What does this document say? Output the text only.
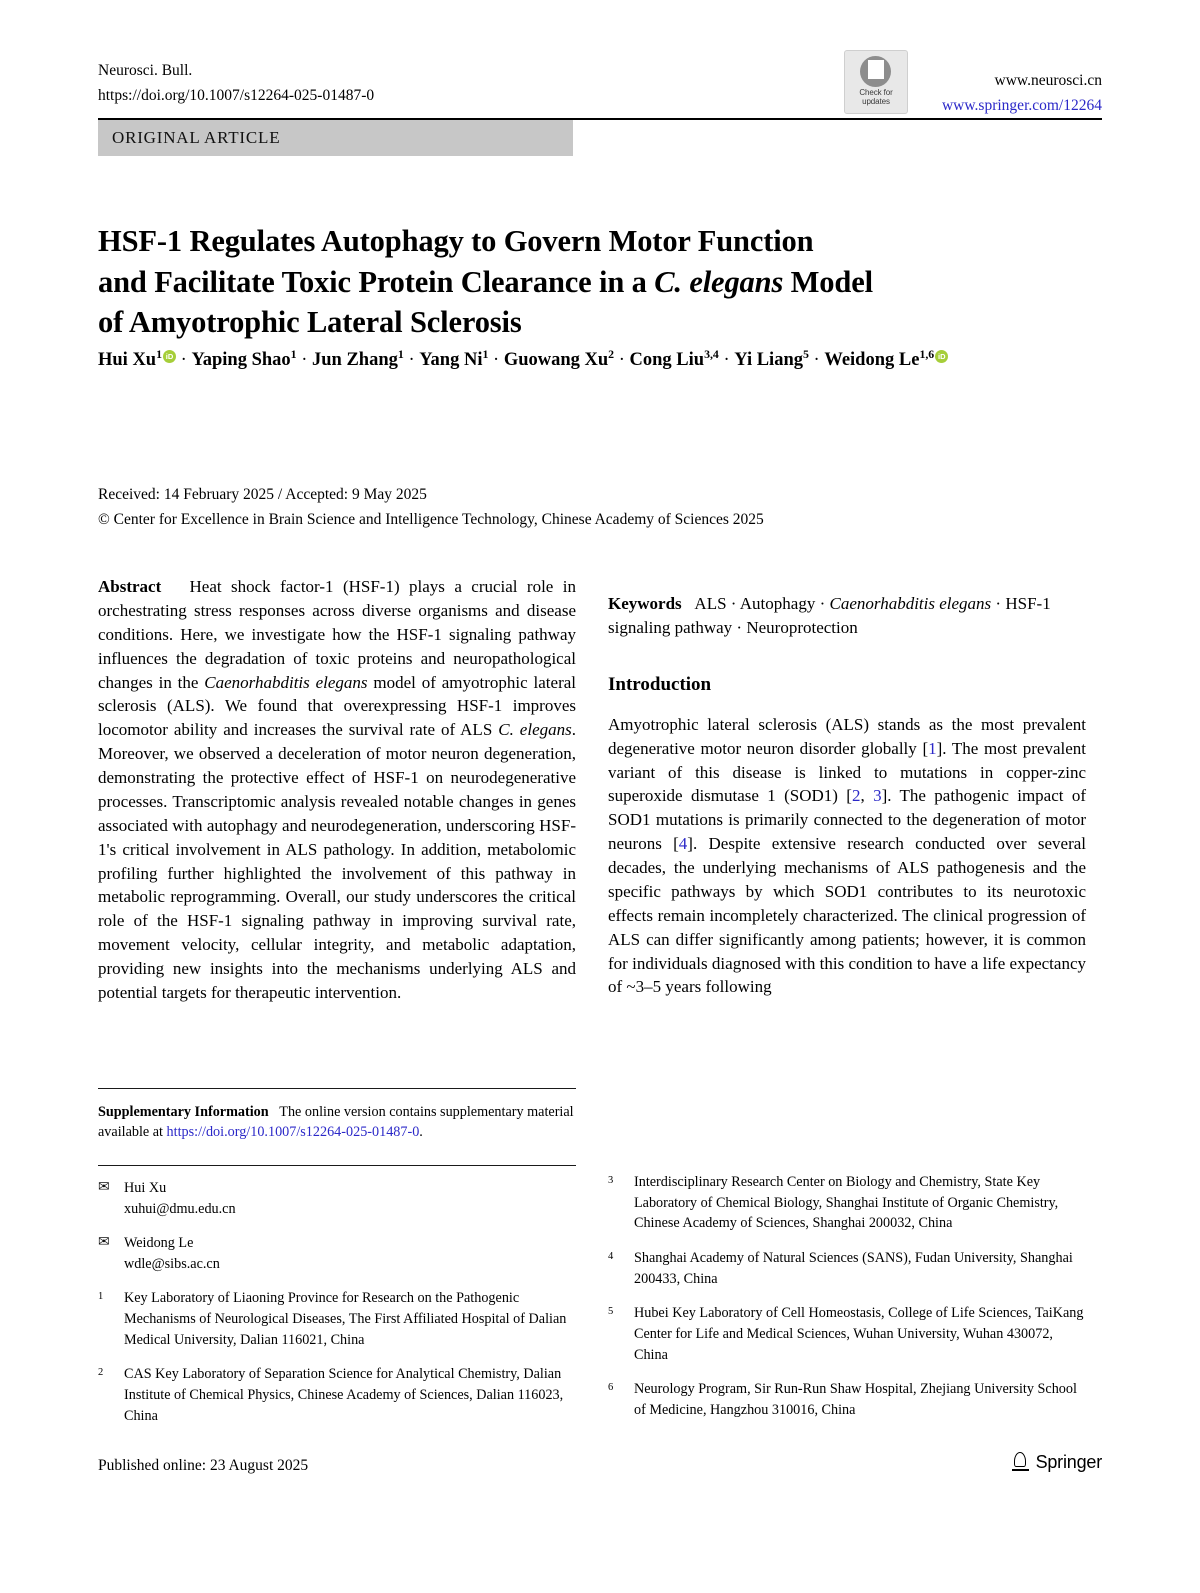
Neurosci. Bull.
https://doi.org/10.1007/s12264-025-01487-0	Check for
updates
www.neurosci.cn
www.springer.com/12264
ORIGINAL ARTICLE
HSF-1 Regulates Autophagy to Govern Motor Function
and Facilitate Toxic Protein Clearance in a C. elegans Model
of Amyotrophic Lateral Sclerosis
Hui $Xu^1iD$ · Yaping Shao$^1$ · Jun Zhang$^1$ · Yang $Ni^1$ · Guowang $Xu^2$ · Cong Liu$^{3,4}$ · Yi Liang$^5$ · Weidong Le$^{1,6}$iD
Received: 14 February 2025 / Accepted: 9 May 2025
© Center for Excellence in Brain Science and Intelligence Technology, Chinese Academy of Sciences 2025

Abstract Heat shock factor-1 (HSF-1) plays a crucial role in orchestrating stress responses across diverse organisms and disease conditions. Here, we investigate how the HSF-1 signaling pathway influences the degradation of toxic proteins and neuropathological changes in the Caenorhabditis elegans model of amyotrophic lateral sclerosis (ALS). We found that overexpressing HSF-1 improves locomotor ability and increases the survival rate of ALS C. elegans. Moreover, we observed a deceleration of motor neuron degeneration, demonstrating the protective effect of HSF-1 on neurodegenerative processes. Transcriptomic analysis revealed notable changes in genes associated with autophagy and neurodegeneration, underscoring HSF-1's critical involvement in ALS pathology. In addition, metabolomic profiling further highlighted the involvement of this pathway in metabolic reprogramming. Overall, our study underscores the critical role of the HSF-1 signaling pathway in improving survival rate, movement velocity, cellular integrity, and metabolic adaptation, providing new insights into the mechanisms underlying ALS and potential targets for therapeutic intervention.

Keywords ALS · Autophagy · Caenorhabditis elegans · HSF-1 signaling pathway · Neuroprotection

Introduction

Amyotrophic lateral sclerosis (ALS) stands as the most prevalent degenerative motor neuron disorder globally [1]. The most prevalent variant of this disease is linked to mutations in copper-zinc superoxide dismutase 1 (SOD1) [2, 3]. The pathogenic impact of SOD1 mutations is primarily connected to the degeneration of motor neurons [4]. Despite extensive research conducted over several decades, the underlying mechanisms of ALS pathogenesis and the specific pathways by which SOD1 contributes to its neurotoxic effects remain incompletely characterized. The clinical progression of ALS can differ significantly among patients; however, it is common for individuals diagnosed with this condition to have a life expectancy of ~3–5 years following

Supplementary Information The online version contains supplementary material available at https://doi.org/10.1007/s12264-025-01487-0.
✉	Hui Xu
xuhui@dmu.edu.cn
✉	Weidong Le
wdle@sibs.ac.cn
1	Key Laboratory of Liaoning Province for Research on the Pathogenic Mechanisms of Neurological Diseases, The First Affiliated Hospital of Dalian Medical University, Dalian 116021, China
2	CAS Key Laboratory of Separation Science for Analytical Chemistry, Dalian Institute of Chemical Physics, Chinese Academy of Sciences, Dalian 116023, China
3	Interdisciplinary Research Center on Biology and Chemistry, State Key Laboratory of Chemical Biology, Shanghai Institute of Organic Chemistry, Chinese Academy of Sciences, Shanghai 200032, China
4	Shanghai Academy of Natural Sciences (SANS), Fudan University, Shanghai 200433, China
5	Hubei Key Laboratory of Cell Homeostasis, College of Life Sciences, TaiKang Center for Life and Medical Sciences, Wuhan University, Wuhan 430072, China
6	Neurology Program, Sir Run-Run Shaw Hospital, Zhejiang University School of Medicine, Hangzhou 310016, China
Published online: 23 August 2025	Springer
